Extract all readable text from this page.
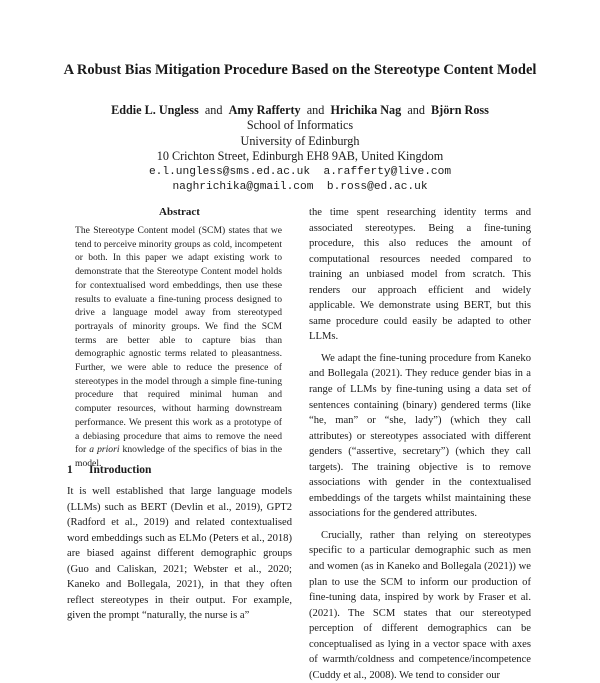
A Robust Bias Mitigation Procedure Based on the Stereotype Content Model
Eddie L. Ungless and Amy Rafferty and Hrichika Nag and Björn Ross
School of Informatics
University of Edinburgh
10 Crichton Street, Edinburgh EH8 9AB, United Kingdom
e.l.ungless@sms.ed.ac.uk  a.rafferty@live.com
naghrichika@gmail.com  b.ross@ed.ac.uk
Abstract
The Stereotype Content model (SCM) states that we tend to perceive minority groups as cold, incompetent or both. In this paper we adapt existing work to demonstrate that the Stereotype Content model holds for contextualised word embeddings, then use these results to evaluate a fine-tuning process designed to drive a language model away from stereotyped portrayals of minority groups. We find the SCM terms are better able to capture bias than demographic agnostic terms related to pleasantness. Further, we were able to reduce the presence of stereotypes in the model through a simple fine-tuning procedure that required minimal human and computer resources, without harming downstream performance. We present this work as a prototype of a debiasing procedure that aims to remove the need for a priori knowledge of the specifics of bias in the model.
1 Introduction

It is well established that large language models (LLMs) such as BERT (Devlin et al., 2019), GPT2 (Radford et al., 2019) and related contextualised word embeddings such as ELMo (Peters et al., 2018) are biased against different demographic groups (Guo and Caliskan, 2021; Webster et al., 2020; Kaneko and Bollegala, 2021), in that they often reflect stereotypes in their output. For example, given the prompt “naturally, the nurse is a”

the time spent researching identity terms and associated stereotypes. Being a fine-tuning procedure, this also reduces the amount of computational resources needed compared to training an unbiased model from scratch. This renders our approach efficient and widely applicable. We demonstrate using BERT, but this same procedure could easily be adapted to other LLMs.

We adapt the fine-tuning procedure from Kaneko and Bollegala (2021). They reduce gender bias in a range of LLMs by fine-tuning using a data set of sentences containing (binary) gendered terms (like “he, man” or “she, lady”) (which they call attributes) or stereotypes associated with different genders (“assertive, secretary”) (which they call targets). The training objective is to remove associations with gender in the contextualised embeddings of the targets whilst maintaining these associations for the gendered attributes.

Crucially, rather than relying on stereotypes specific to a particular demographic such as men and women (as in Kaneko and Bollegala (2021)) we plan to use the SCM to inform our production of fine-tuning data, inspired by work by Fraser et al. (2021). The SCM states that our stereotyped perception of different demographics can be conceptualised as lying in a vector space with axes of warmth/coldness and competence/incompetence (Cuddy et al., 2008). We tend to consider our
